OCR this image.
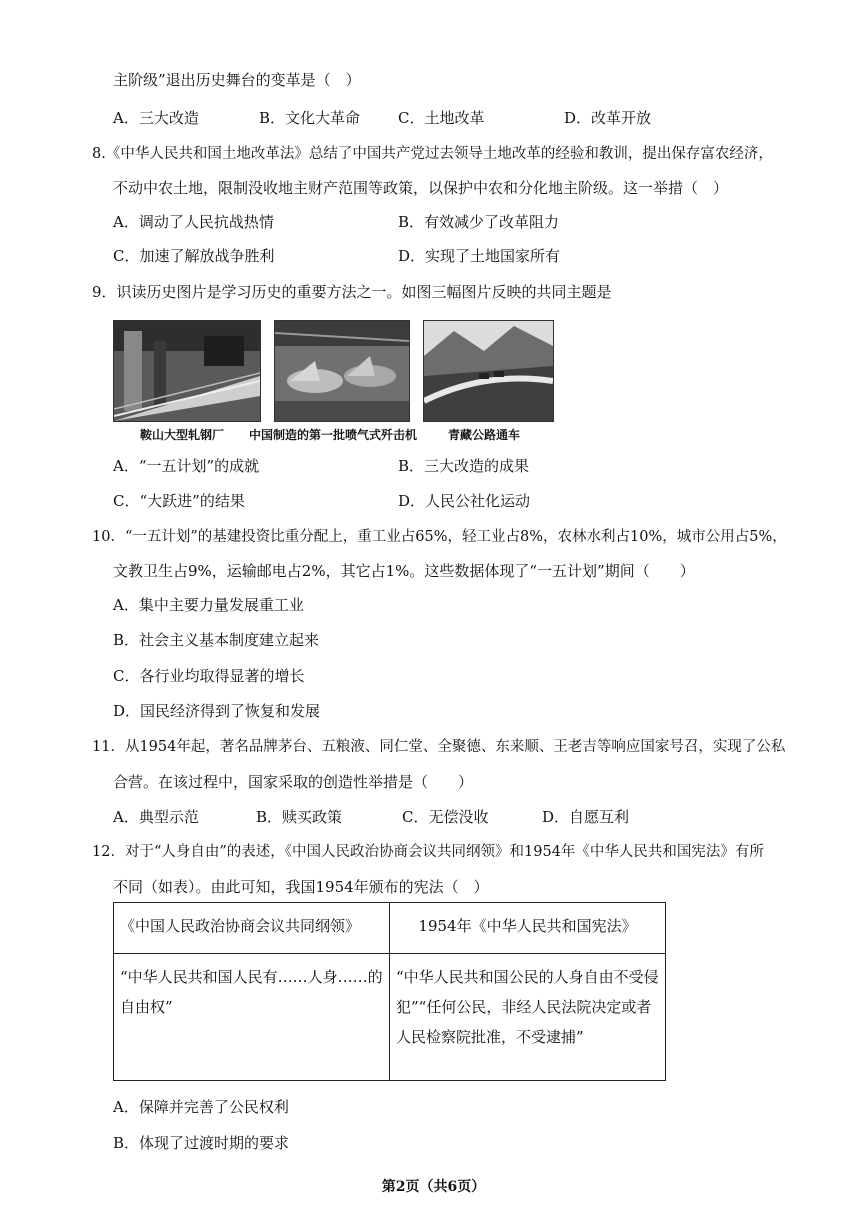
主阶级”退出历史舞台的变革是（　）
A．三大改造	B．文化大革命	C．土地改革	D．改革开放
8.《中华人民共和国土地改革法》总结了中国共产党过去领导土地改革的经验和教训，提出保存富农经济，
不动中农土地，限制没收地主财产范围等政策，以保护中农和分化地主阶级。这一举措（　）
A．调动了人民抗战热情	B．有效减少了改革阻力
C．加速了解放战争胜利	D．实现了土地国家所有
9．识读历史图片是学习历史的重要方法之一。如图三幅图片反映的共同主题是
鞍山大型轧钢厂 中国制造的第一批喷气式歼击机	青藏公路通车
A．“一五计划”的成就	B．三大改造的成果
C．“大跃进”的结果	D．人民公社化运动
10．“一五计划”的基建投资比重分配上，重工业占65%，轻工业占8%，农林水利占10%，城市公用占5%，
文教卫生占9%，运输邮电占2%，其它占1%。这些数据体现了“一五计划”期间（　　）
A．集中主要力量发展重工业
B．社会主义基本制度建立起来
C．各行业均取得显著的增长
D．国民经济得到了恢复和发展
11．从1954年起，著名品牌茅台、五粮液、同仁堂、全聚德、东来顺、王老吉等响应国家号召，实现了公私
合营。在该过程中，国家采取的创造性举措是（　　）
A．典型示范	B．赎买政策	C．无偿没收	D．自愿互利
12．对于“人身自由”的表述，《中国人民政治协商会议共同纲领》和1954年《中华人民共和国宪法》有所
不同（如表）。由此可知，我国1954年颁布的宪法（　）
《中国人民政治协商会议共同纲领》	1954年《中华人民共和国宪法》
“中华人民共和国人民有……人身……的自由权”	“中华人民共和国公民的人身自由不受侵犯”“任何公民，非经人民法院决定或者人民检察院批准，不受逮捕”
A．保障并完善了公民权利
B．体现了过渡时期的要求
第2页（共6页）
